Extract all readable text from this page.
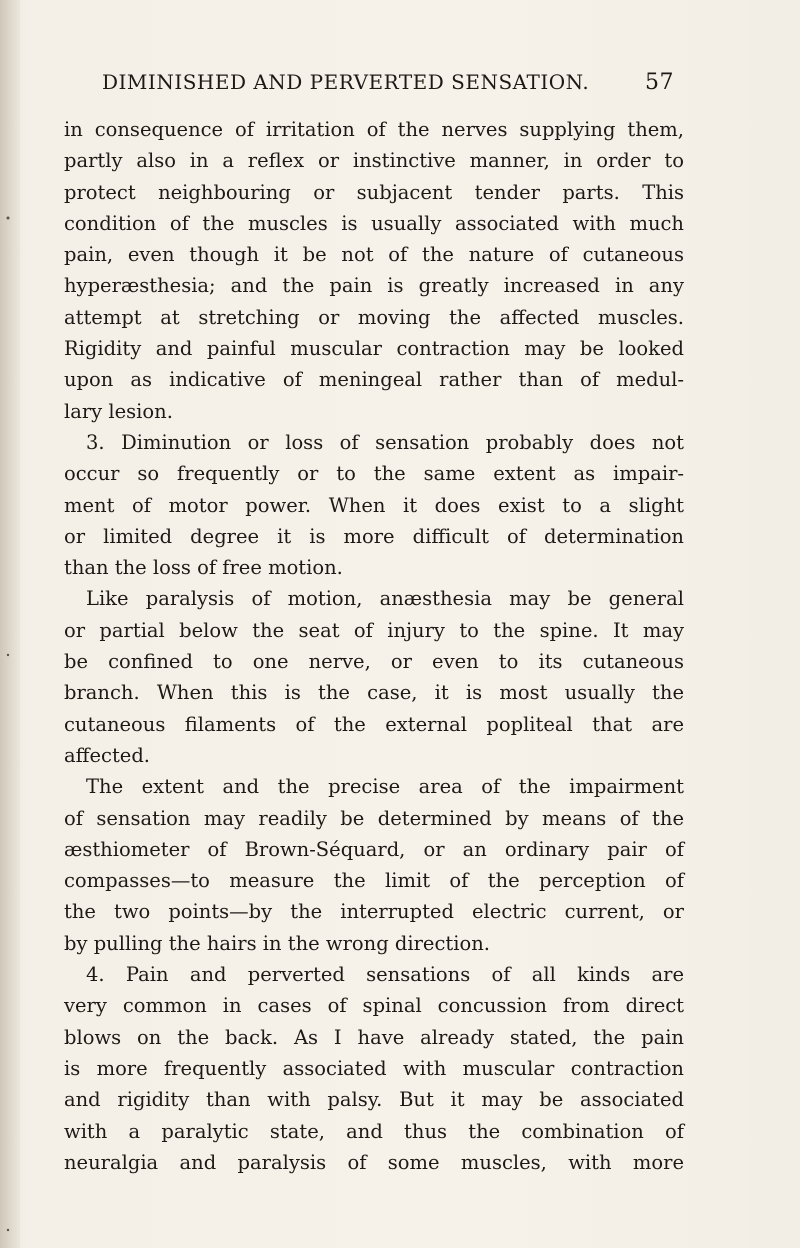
DIMINISHED AND PERVERTED SENSATION.	57
in consequence of irritation of the nerves supplying them,
partly also in a reflex or instinctive manner, in order to
protect neighbouring or subjacent tender parts. This
condition of the muscles is usually associated with much
pain, even though it be not of the nature of cutaneous
hyperæsthesia; and the pain is greatly increased in any
attempt at stretching or moving the affected muscles.
Rigidity and painful muscular contraction may be looked
upon as indicative of meningeal rather than of medul-
lary lesion.
3. Diminution or loss of sensation probably does not
occur so frequently or to the same extent as impair-
ment of motor power. When it does exist to a slight
or limited degree it is more difficult of determination
than the loss of free motion.
Like paralysis of motion, anæsthesia may be general
or partial below the seat of injury to the spine. It may
be confined to one nerve, or even to its cutaneous
branch. When this is the case, it is most usually the
cutaneous filaments of the external popliteal that are
affected.
The extent and the precise area of the impairment
of sensation may readily be determined by means of the
æsthiometer of Brown-Séquard, or an ordinary pair of
compasses—to measure the limit of the perception of
the two points—by the interrupted electric current, or
by pulling the hairs in the wrong direction.
4. Pain and perverted sensations of all kinds are
very common in cases of spinal concussion from direct
blows on the back. As I have already stated, the pain
is more frequently associated with muscular contraction
and rigidity than with palsy. But it may be associated
with a paralytic state, and thus the combination of
neuralgia and paralysis of some muscles, with more
